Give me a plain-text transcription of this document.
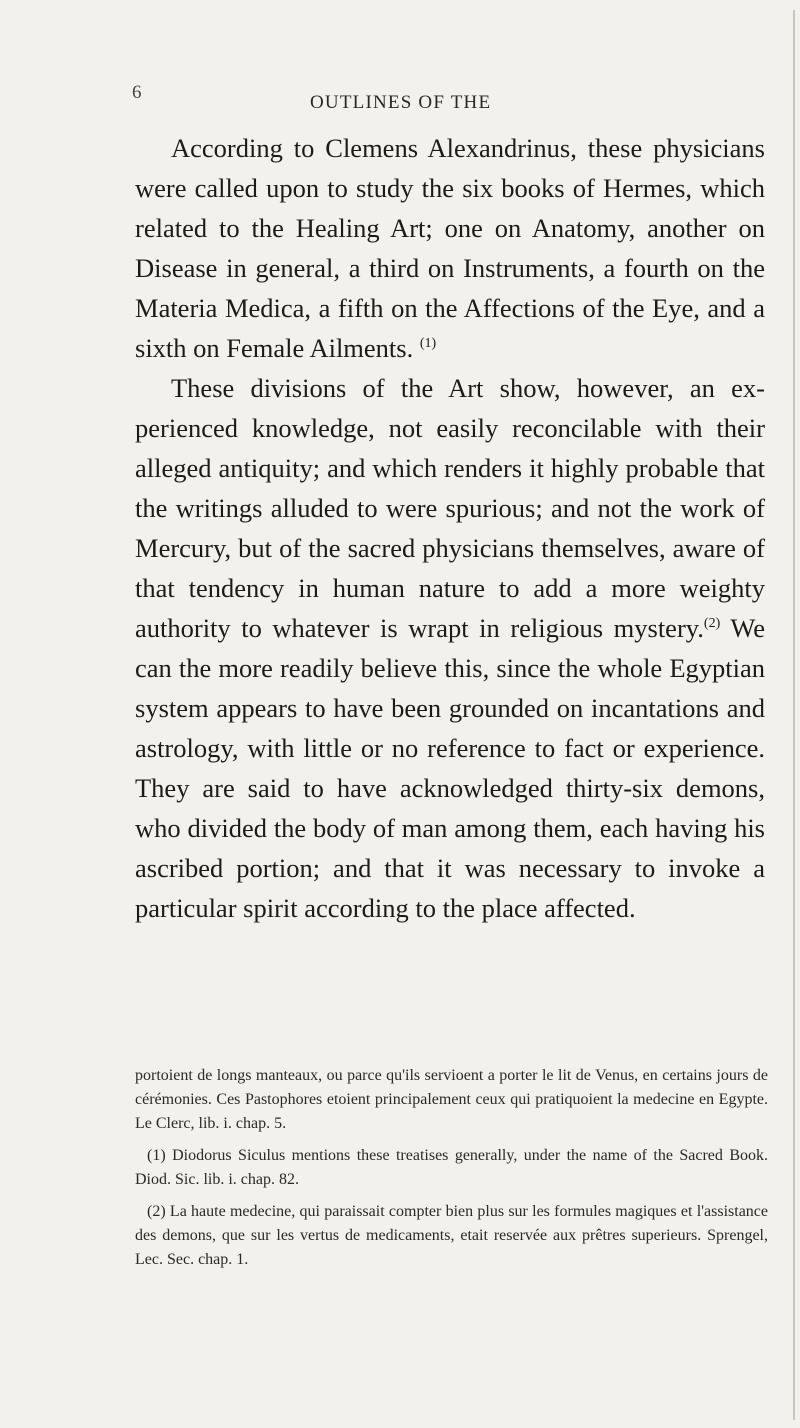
6	OUTLINES OF THE

According to Clemens Alexandrinus, these physicians were called upon to study the six books of Hermes, which related to the Healing Art; one on Anatomy, another on Disease in general, a third on Instruments, a fourth on the Materia Medica, a fifth on the Affections of the Eye, and a sixth on Female Ailments. $^{(1)}$

These divisions of the Art show, however, an experienced knowledge, not easily reconcilable with their alleged antiquity; and which renders it highly probable that the writings alluded to were spurious; and not the work of Mercury, but of the sacred physicians themselves, aware of that tendency in human nature to add a more weighty authority to whatever is wrapt in religious mystery.$^{(2)}$ We can the more readily believe this, since the whole Egyptian system appears to have been grounded on incantations and astrology, with little or no reference to fact or experience. They are said to have acknowledged thirty-six demons, who divided the body of man among them, each having his ascribed portion; and that it was necessary to invoke a particular spirit according to the place affected.

portoient de longs manteaux, ou parce qu'ils servioent a porter le lit de Venus, en certains jours de cérémonies. Ces Pastophores etoient principalement ceux qui pratiquoient la medecine en Egypte. Le Clerc, lib. i. chap. 5.

(1) Diodorus Siculus mentions these treatises generally, under the name of the Sacred Book. Diod. Sic. lib. i. chap. 82.

(2) La haute medecine, qui paraissait compter bien plus sur les formules magiques et l'assistance des demons, que sur les vertus de medicaments, etait reservée aux prêtres superieurs. Sprengel, Lec. Sec. chap. 1.
